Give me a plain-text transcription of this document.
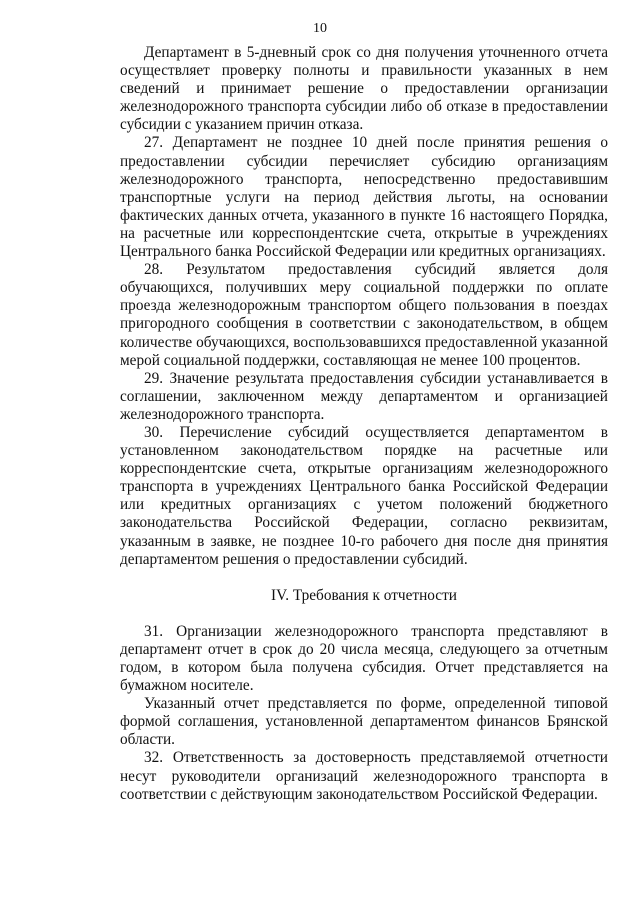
10

Департамент в 5-дневный срок со дня получения уточненного отчета осуществляет проверку полноты и правильности указанных в нем сведений и принимает решение о предоставлении организации железнодорожного транспорта субсидии либо об отказе в предоставлении субсидии с указанием причин отказа.

27. Департамент не позднее 10 дней после принятия решения о предоставлении субсидии перечисляет субсидию организациям железнодорожного транспорта, непосредственно предоставившим транспортные услуги на период действия льготы, на основании фактических данных отчета, указанного в пункте 16 настоящего Порядка, на расчетные или корреспондентские счета, открытые в учреждениях Центрального банка Российской Федерации или кредитных организациях.

28. Результатом предоставления субсидий является доля обучающихся, получивших меру социальной поддержки по оплате проезда железнодорожным транспортом общего пользования в поездах пригородного сообщения в соответствии с законодательством, в общем количестве обучающихся, воспользовавшихся предоставленной указанной мерой социальной поддержки, составляющая не менее 100 процентов.

29. Значение результата предоставления субсидии устанавливается в соглашении, заключенном между департаментом и организацией железнодорожного транспорта.

30. Перечисление субсидий осуществляется департаментом в установленном законодательством порядке на расчетные или корреспондентские счета, открытые организациям железнодорожного транспорта в учреждениях Центрального банка Российской Федерации или кредитных организациях с учетом положений бюджетного законодательства Российской Федерации, согласно реквизитам, указанным в заявке, не позднее 10-го рабочего дня после дня принятия департаментом решения о предоставлении субсидий.

IV. Требования к отчетности

31. Организации железнодорожного транспорта представляют в департамент отчет в срок до 20 числа месяца, следующего за отчетным годом, в котором была получена субсидия. Отчет представляется на бумажном носителе.

Указанный отчет представляется по форме, определенной типовой формой соглашения, установленной департаментом финансов Брянской области.

32. Ответственность за достоверность представляемой отчетности несут руководители организаций железнодорожного транспорта в соответствии с действующим законодательством Российской Федерации.
